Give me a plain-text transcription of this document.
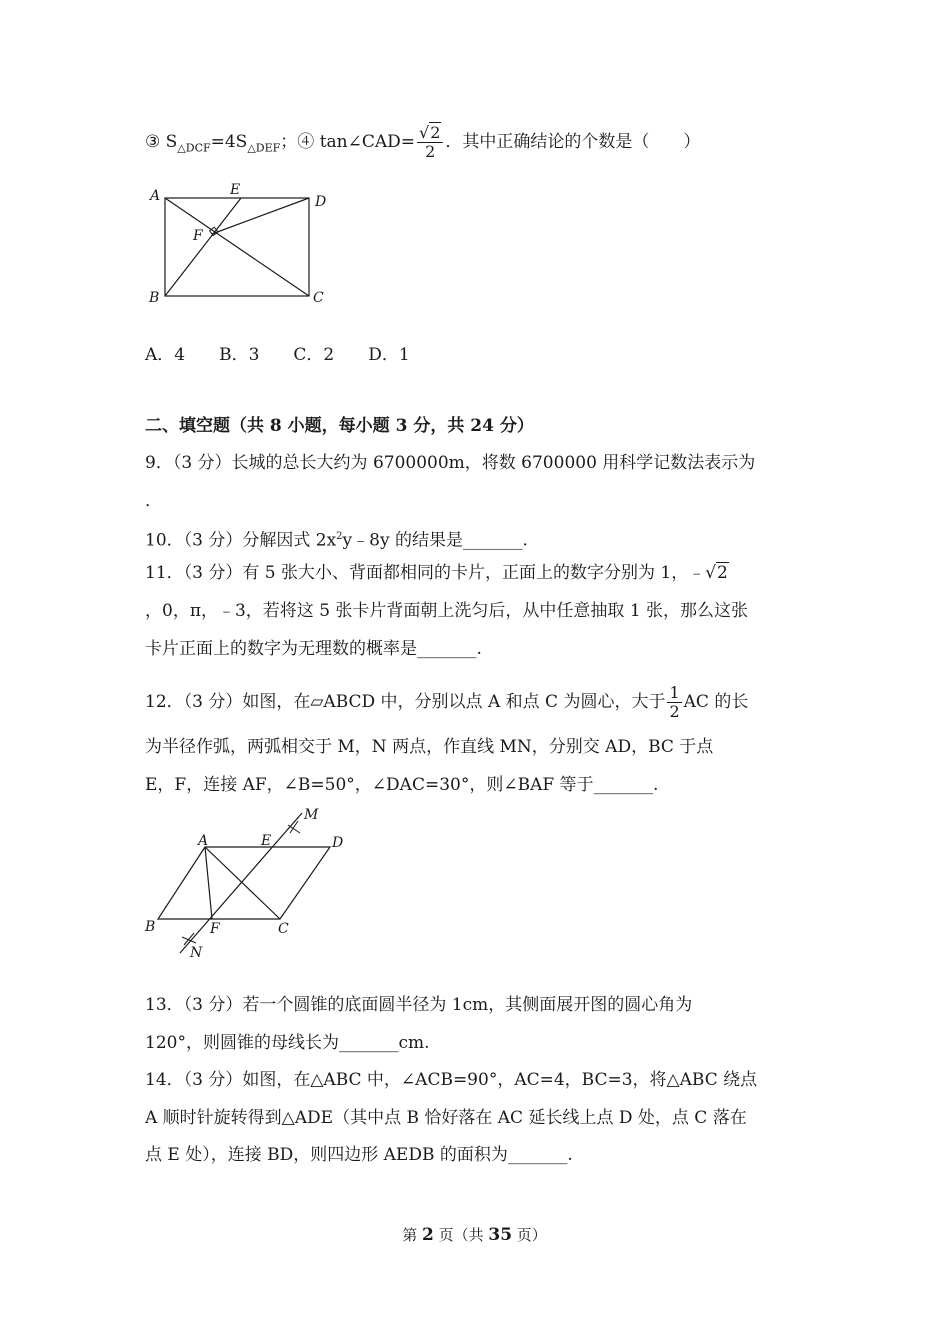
③ $S_{\triangle DCF}=4S_{\triangle DEF}$；④ tan∠CAD= $\frac{√2}{2}$ ．其中正确结论的个数是（　　）
A	E
D
F
B	C
A．4　　B．3　　C．2　　D．1
二、填空题（共 8 小题，每小题 3 分，共 24 分）
9．（3 分）长城的总长大约为 6700000m，将数 6700000 用科学记数法表示为
．
10．（3 分）分解因式 $2x^2y﹣8y$ 的结果是_______.
11．（3 分）有 5 张大小、背面都相同的卡片，正面上的数字分别为 1，﹣√2
，0，π，﹣3，若将这 5 张卡片背面朝上洗匀后，从中任意抽取 1 张，那么这张
卡片正面上的数字为无理数的概率是_______.
12．（3 分）如图，在▱ABCD 中，分别以点 A 和点 C 为圆心，大于 $\frac{1}{2}$ AC 的长
为半径作弧，两弧相交于 M，N 两点，作直线 MN，分别交 AD，BC 于点
E，F，连接 AF，∠B=50°，∠DAC=30°，则∠BAF 等于_______.
A	E
M
D
B	F	C
N
13．（3 分）若一个圆锥的底面圆半径为 1cm，其侧面展开图的圆心角为
120°，则圆锥的母线长为_______cm.
14．（3 分）如图，在△ABC 中，∠ACB=90°，AC=4，BC=3，将△ABC 绕点
A 顺时针旋转得到△ADE（其中点 B 恰好落在 AC 延长线上点 D 处，点 C 落在
点 E 处），连接 BD，则四边形 AEDB 的面积为_______.
第 2 页（共 35 页）
